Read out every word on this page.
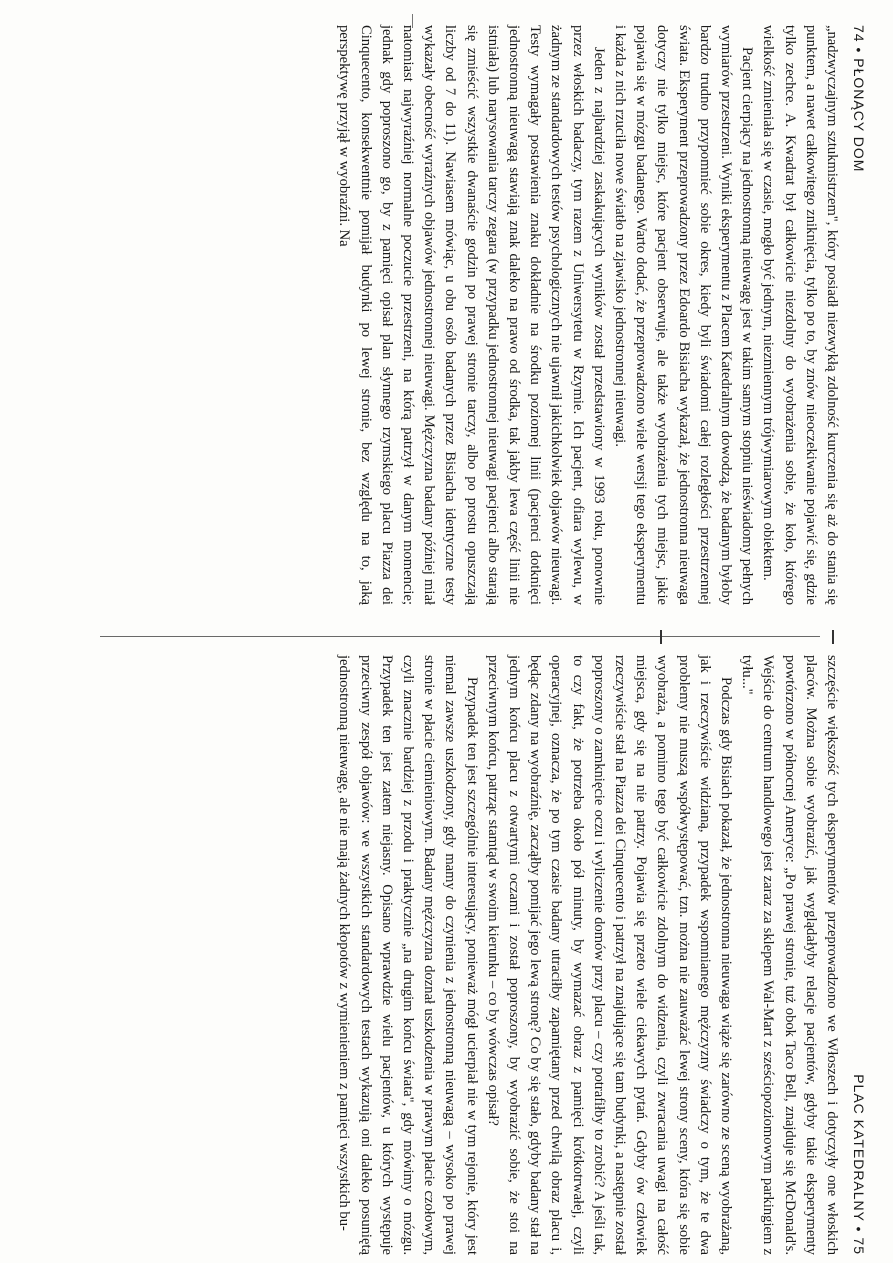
74 • PŁONĄCY DOM

„nadzwyczajnym sztukmistrzem", który posiadł niezwykłą zdolność kurczenia się aż do stania się punktem, a nawet całkowitego zniknięcia, tylko po to, by znów nieoczekiwanie pojawić się, gdzie tylko zechce. A. Kwadrat był całkowicie niezdolny do wyobrażenia sobie, że koło, którego wielkość zmieniała się w czasie, mogło być jednym, niezmiennym trójwymiarowym obiektem.

Pacjent cierpiący na jednostronną nieuwagę jest w takim samym stopniu nieświadomy pełnych wymiarów przestrzeni. Wyniki eksperymentu z Placem Katedralnym dowodzą, że badanym byłoby bardzo trudno przypomnieć sobie okres, kiedy byli świadomi całej rozległości przestrzennej świata. Eksperyment przeprowadzony przez Edoardo Bisiacha wykazał, że jednostronna nieuwaga dotyczy nie tylko miejsc, które pacjent obserwuje, ale także wyobrażenia tych miejsc, jakie pojawia się w mózgu badanego. Warto dodać, że przeprowadzono wiele wersji tego eksperymentu i każda z nich rzuciła nowe światło na zjawisko jednostronnej nieuwagi.

Jeden z najbardziej zaskakujących wyników został przedstawiony w 1993 roku, ponownie przez włoskich badaczy, tym razem z Uniwersytetu w Rzymie. Ich pacjent, ofiara wylewu, w żadnym ze standardowych testów psychologicznych nie ujawnił jakichkolwiek objawów nieuwagi. Testy wymagały postawienia znaku dokładnie na środku poziomej linii (pacjenci dotknięci jednostronną nieuwagą stawiają znak daleko na prawo od środka, tak jakby lewa część linii nie istniała) lub narysowania tarczy zegara (w przypadku jednostronnej nieuwagi pacjenci albo starają się zmieścić wszystkie dwanaście godzin po prawej stronie tarczy, albo po prostu opuszczają liczby od 7 do 11). Nawiasem mówiąc, u obu osób badanych przez Bisiacha identyczne testy wykazały obecność wyraźnych objawów jednostronnej nieuwagi. Mężczyzna badany później miał natomiast najwyraźniej normalne poczucie przestrzeni, na którą patrzył w danym momencie; jednak gdy poproszono go, by z pamięci opisał plan słynnego rzymskiego placu Piazza dei Cinquecento, konsekwentnie pomijał budynki po lewej stronie, bez względu na to, jaką perspektywę przyjął w wyobraźni. Na

PLAC KATEDRALNY • 75

szczęście większość tych eksperymentów przeprowadzono we Włoszech i dotyczyły one włoskich placów. Można sobie wyobrazić, jak wyglądałyby relacje pacjentów, gdyby takie eksperymenty powtórzono w północnej Ameryce: „Po prawej stronie, tuż obok Taco Bell, znajduje się McDonald's. Wejście do centrum handlowego jest zaraz za sklepem Wal-Mart z sześciopoziomowym parkingiem z tyłu..."

Podczas gdy Bisiach pokazał, że jednostronna nieuwaga wiąże się zarówno ze sceną wyobrażaną, jak i rzeczywiście widzianą, przypadek wspomnianego mężczyzny świadczy o tym, że te dwa problemy nie muszą współwystępować, tzn. można nie zauważać lewej strony sceny, która się sobie wyobraża, a pomimo tego być całkowicie zdolnym do widzenia, czyli zwracania uwagi na całość miejsca, gdy się na nie patrzy. Pojawia się przeto wiele ciekawych pytań. Gdyby ów człowiek rzeczywiście stał na Piazza dei Cinquecento i patrzył na znajdujące się tam budynki, a następnie został poproszony o zamknięcie oczu i wyliczenie domów przy placu – czy potrafiłby to zrobić? A jeśli tak, to czy fakt, że potrzeba około pół minuty, by wymazać obraz z pamięci krótkotrwałej, czyli operacyjnej, oznacza, że po tym czasie badany utraciłby zapamiętany przed chwilą obraz placu i, będąc zdany na wyobraźnię, zacząłby pomijać jego lewą stronę? Co by się stało, gdyby badany stał na jednym końcu placu z otwartymi oczami i został poproszony, by wyobrazić sobie, że stoi na przeciwnym końcu, patrząc stamtąd w swoim kierunku – co by wówczas opisał?

Przypadek ten jest szczególnie interesujący, ponieważ mógł ucierpiał nie w tym rejonie, który jest niemal zawsze uszkodzony, gdy mamy do czynienia z jednostronną nieuwagą – wysoko po prawej stronie w płacie ciemieniowym. Badany mężczyzna doznał uszkodzenia w prawym płacie czołowym, czyli znacznie bardziej z przodu i praktycznie „na drugim końcu świata", gdy mówimy o mózgu. Przypadek ten jest zatem niejasny. Opisano wprawdzie wielu pacjentów, u których występuje przeciwny zespół objawów: we wszystkich standardowych testach wykazują oni daleko posuniętą jednostronną nieuwagę, ale nie mają żadnych kłopotów z wymienieniem z pamięci wszystkich bu-
